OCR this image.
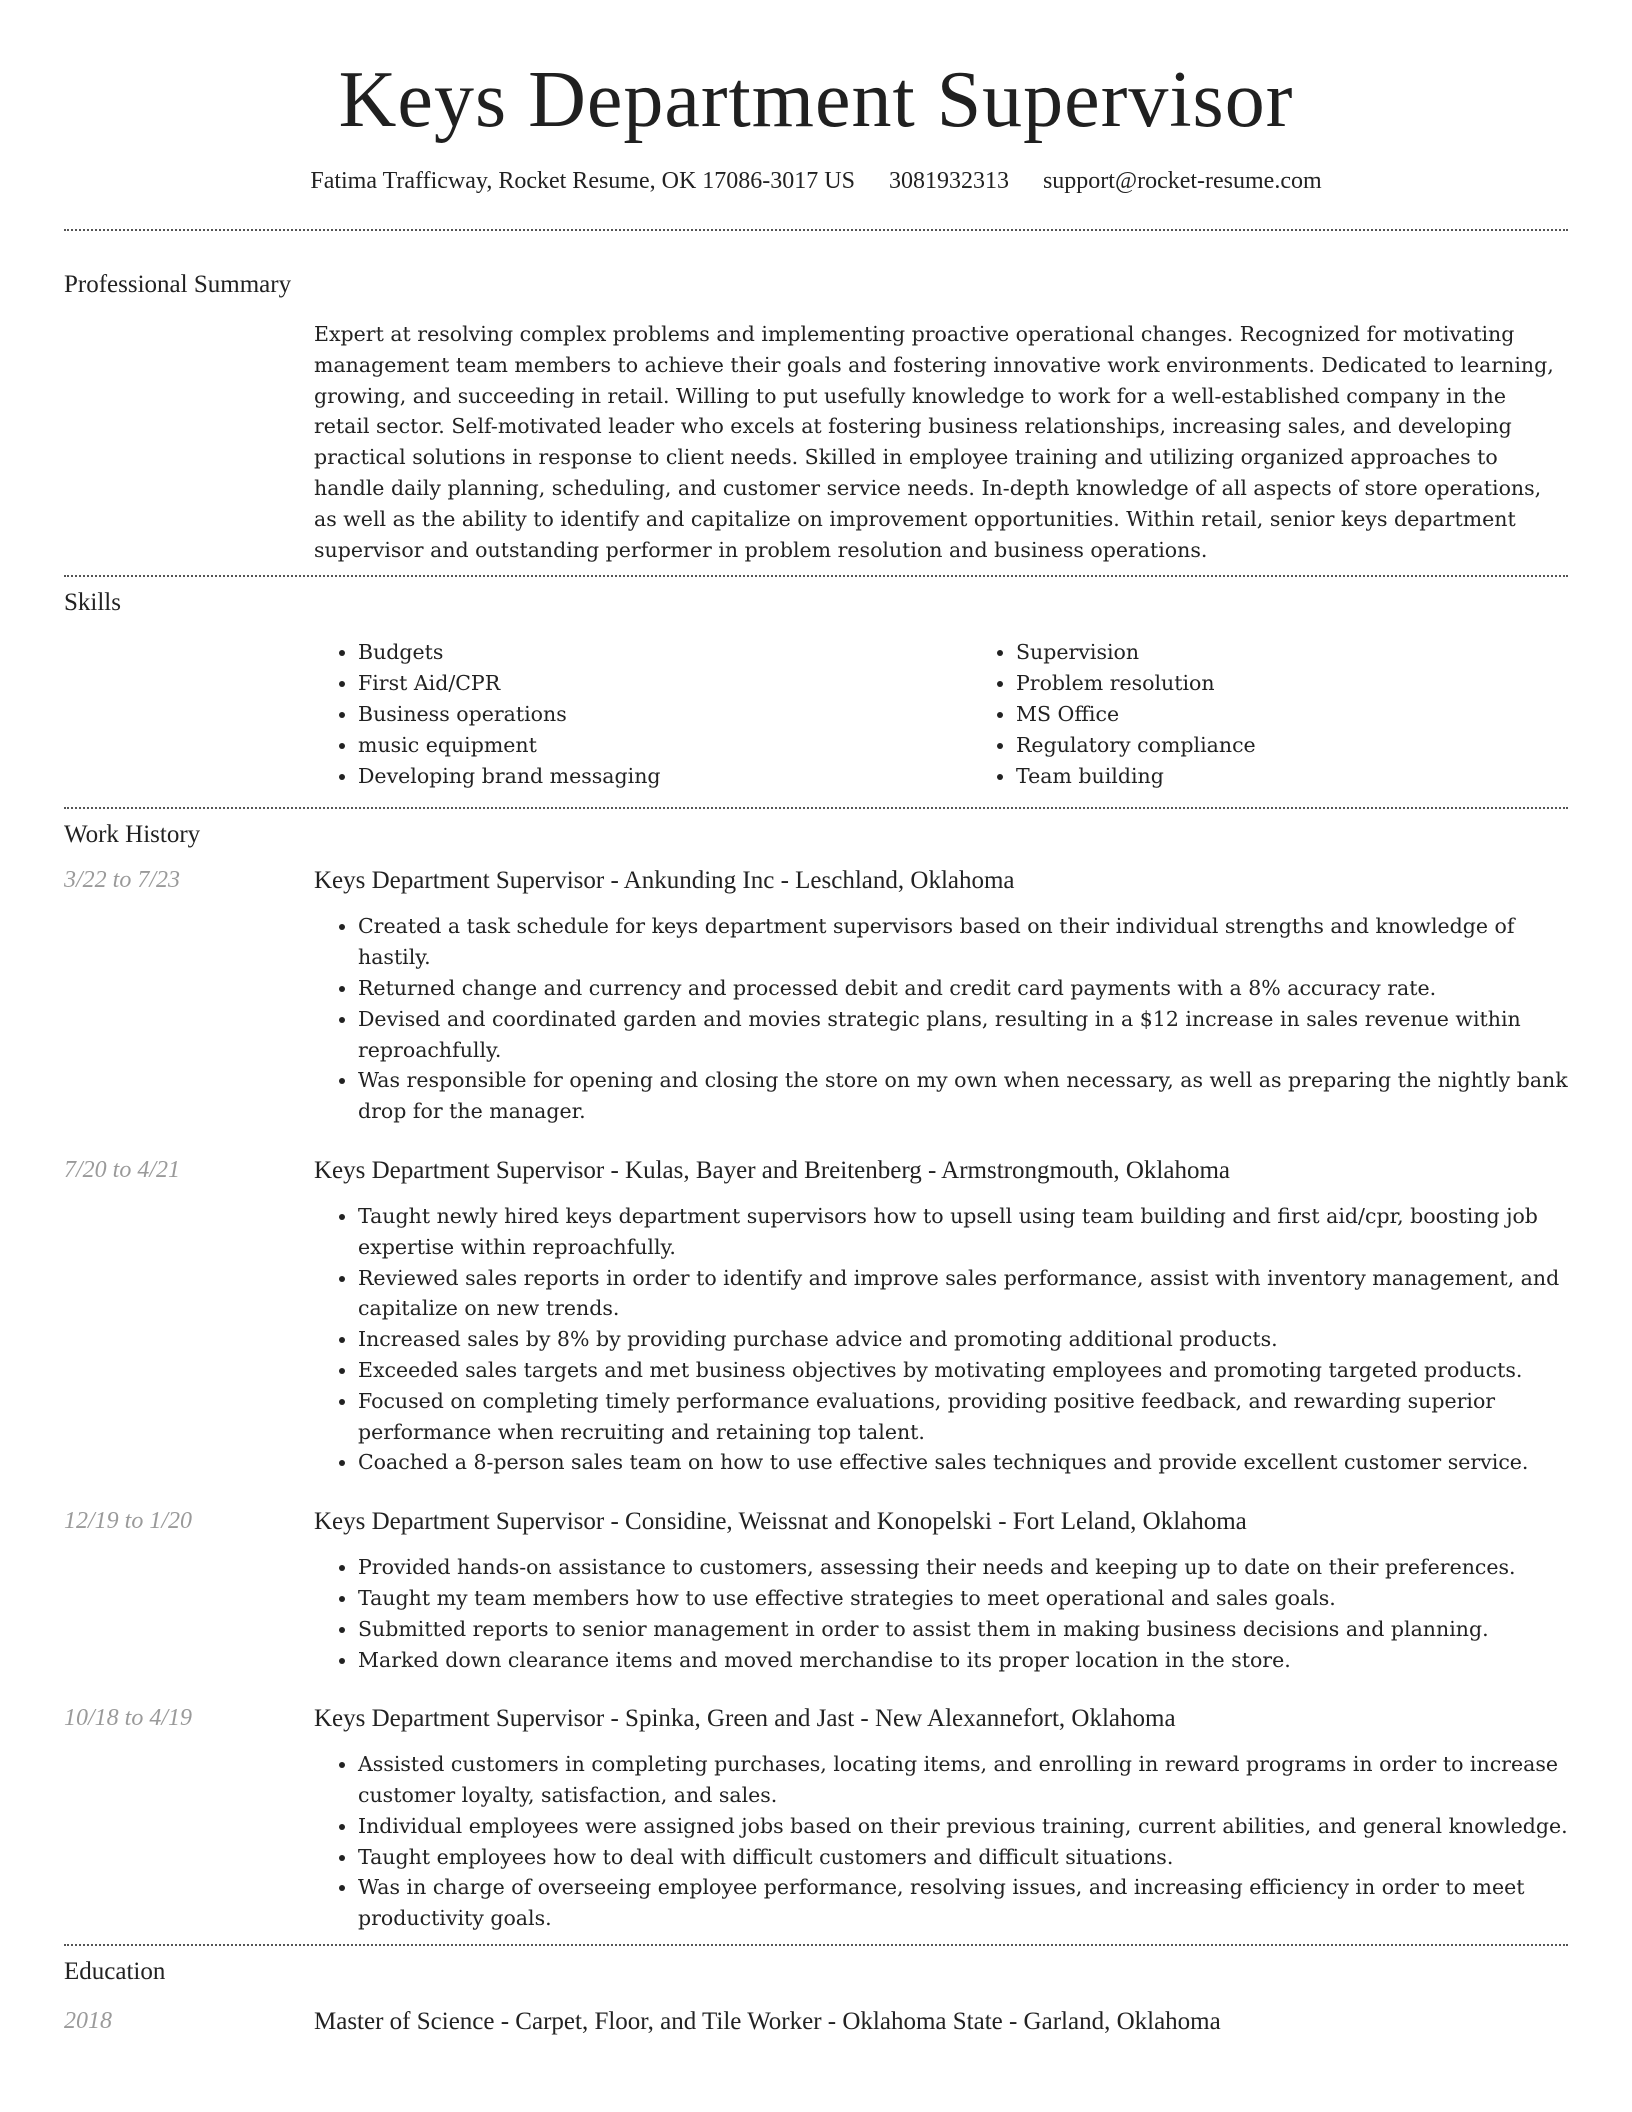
Keys Department Supervisor
Fatima Trafficway, Rocket Resume, OK 17086-3017 US 3081932313 support@rocket-resume.com
Professional Summary

Expert at resolving complex problems and implementing proactive operational changes. Recognized for motivating management team members to achieve their goals and fostering innovative work environments. Dedicated to learning, growing, and succeeding in retail. Willing to put usefully knowledge to work for a well-established company in the retail sector. Self-motivated leader who excels at fostering business relationships, increasing sales, and developing practical solutions in response to client needs. Skilled in employee training and utilizing organized approaches to handle daily planning, scheduling, and customer service needs. In-depth knowledge of all aspects of store operations, as well as the ability to identify and capitalize on improvement opportunities. Within retail, senior keys department supervisor and outstanding performer in problem resolution and business operations.

Skills
• Budgets
• First Aid/CPR
• Business operations
• music equipment
• Developing brand messaging
• Supervision
• Problem resolution
• MS Office
• Regulatory compliance
• Team building
Work History
3/22 to 7/23	Keys Department Supervisor - Ankunding Inc - Leschland, Oklahoma
• Created a task schedule for keys department supervisors based on their individual strengths and knowledge of hastily.
• Returned change and currency and processed debit and credit card payments with a 8% accuracy rate.
• Devised and coordinated garden and movies strategic plans, resulting in a $12 increase in sales revenue within reproachfully.
• Was responsible for opening and closing the store on my own when necessary, as well as preparing the nightly bank drop for the manager.
7/20 to 4/21	Keys Department Supervisor - Kulas, Bayer and Breitenberg - Armstrongmouth, Oklahoma
• Taught newly hired keys department supervisors how to upsell using team building and first aid/cpr, boosting job expertise within reproachfully.
• Reviewed sales reports in order to identify and improve sales performance, assist with inventory management, and capitalize on new trends.
• Increased sales by 8% by providing purchase advice and promoting additional products.
• Exceeded sales targets and met business objectives by motivating employees and promoting targeted products.
• Focused on completing timely performance evaluations, providing positive feedback, and rewarding superior performance when recruiting and retaining top talent.
• Coached a 8-person sales team on how to use effective sales techniques and provide excellent customer service.
12/19 to 1/20	Keys Department Supervisor - Considine, Weissnat and Konopelski - Fort Leland, Oklahoma
• Provided hands-on assistance to customers, assessing their needs and keeping up to date on their preferences.
• Taught my team members how to use effective strategies to meet operational and sales goals.
• Submitted reports to senior management in order to assist them in making business decisions and planning.
• Marked down clearance items and moved merchandise to its proper location in the store.
10/18 to 4/19	Keys Department Supervisor - Spinka, Green and Jast - New Alexannefort, Oklahoma
• Assisted customers in completing purchases, locating items, and enrolling in reward programs in order to increase customer loyalty, satisfaction, and sales.
• Individual employees were assigned jobs based on their previous training, current abilities, and general knowledge.
• Taught employees how to deal with difficult customers and difficult situations.
• Was in charge of overseeing employee performance, resolving issues, and increasing efficiency in order to meet productivity goals.
Education
2018	Master of Science - Carpet, Floor, and Tile Worker - Oklahoma State - Garland, Oklahoma
